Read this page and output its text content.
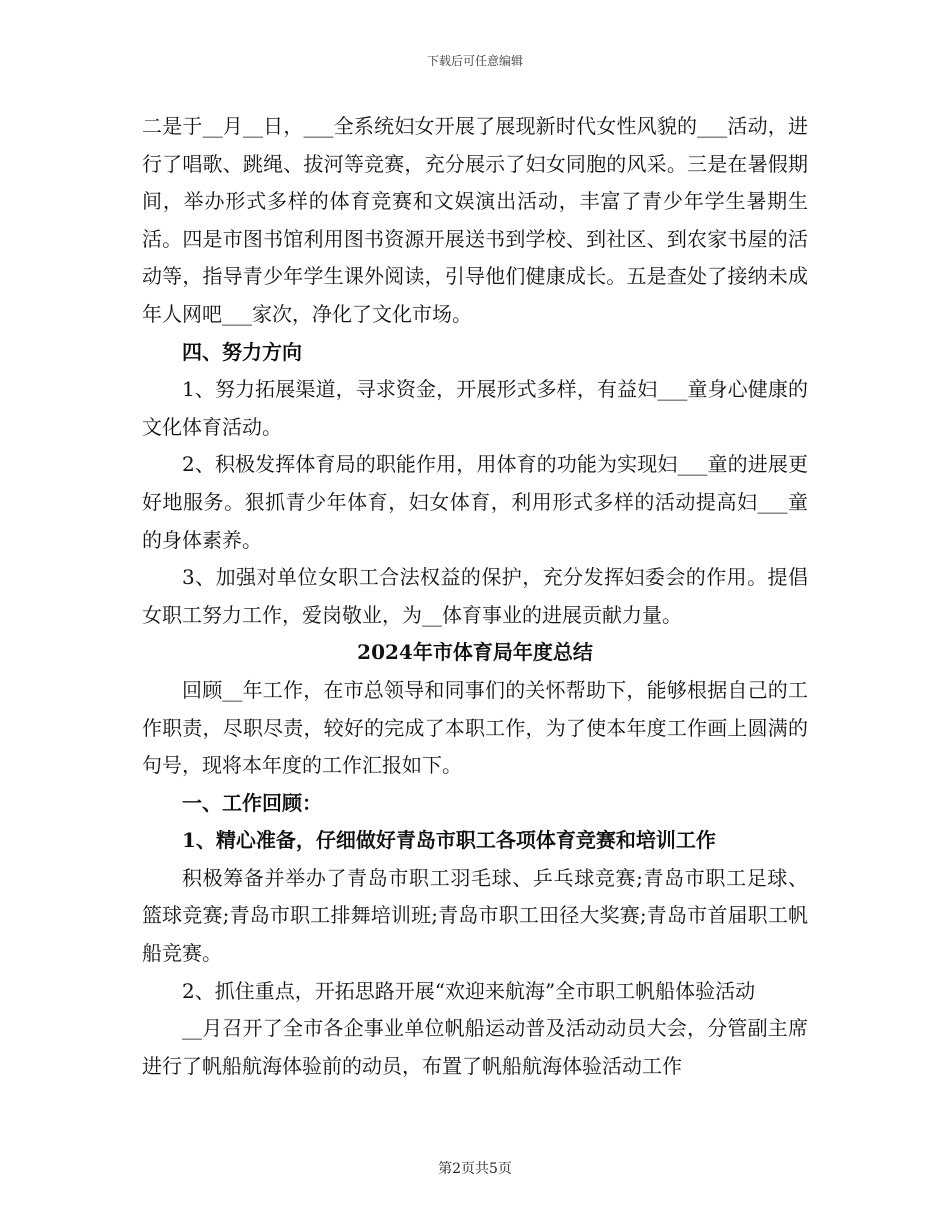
下载后可任意编辑

二是于__月__日，___全系统妇女开展了展现新时代女性风貌的___活动，进行了唱歌、跳绳、拔河等竞赛，充分展示了妇女同胞的风采。三是在暑假期间，举办形式多样的体育竞赛和文娱演出活动，丰富了青少年学生暑期生活。四是市图书馆利用图书资源开展送书到学校、到社区、到农家书屋的活动等，指导青少年学生课外阅读，引导他们健康成长。五是查处了接纳未成年人网吧___家次，净化了文化市场。

四、努力方向

1、努力拓展渠道，寻求资金，开展形式多样，有益妇___童身心健康的文化体育活动。

2、积极发挥体育局的职能作用，用体育的功能为实现妇___童的进展更好地服务。狠抓青少年体育，妇女体育，利用形式多样的活动提高妇___童的身体素养。

3、加强对单位女职工合法权益的保护，充分发挥妇委会的作用。提倡女职工努力工作，爱岗敬业，为__体育事业的进展贡献力量。

2024年市体育局年度总结

回顾__年工作，在市总领导和同事们的关怀帮助下，能够根据自己的工作职责，尽职尽责，较好的完成了本职工作，为了使本年度工作画上圆满的句号，现将本年度的工作汇报如下。

一、工作回顾：

1、精心准备，仔细做好青岛市职工各项体育竞赛和培训工作

积极筹备并举办了青岛市职工羽毛球、乒乓球竞赛;青岛市职工足球、篮球竞赛;青岛市职工排舞培训班;青岛市职工田径大奖赛;青岛市首届职工帆船竞赛。

2、抓住重点，开拓思路开展“欢迎来航海”全市职工帆船体验活动

__月召开了全市各企事业单位帆船运动普及活动动员大会，分管副主席进行了帆船航海体验前的动员，布置了帆船航海体验活动工作

第2页共5页
